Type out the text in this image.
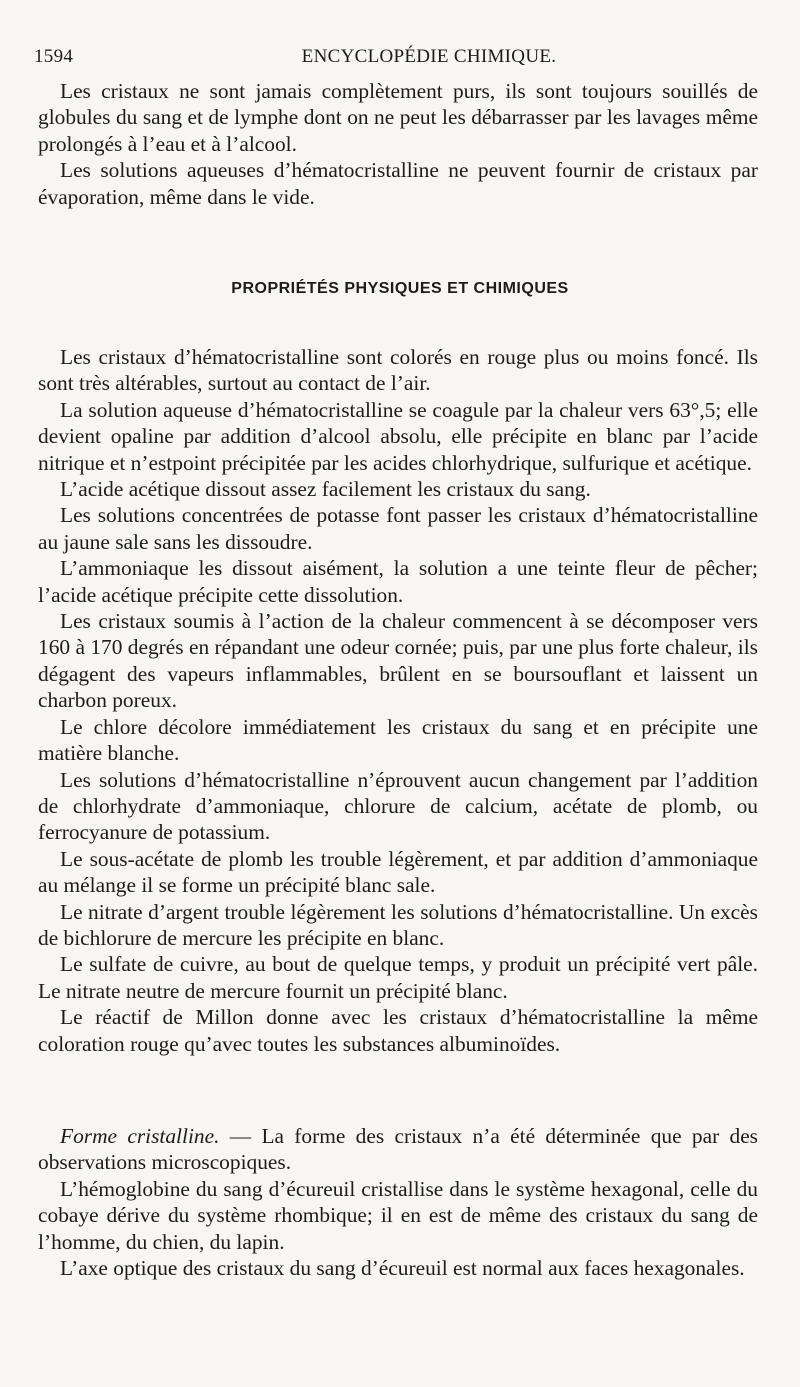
1594	ENCYCLOPÉDIE CHIMIQUE.

Les cristaux ne sont jamais complètement purs, ils sont toujours souillés de globules du sang et de lymphe dont on ne peut les débarrasser par les lavages même prolongés à l’eau et à l’alcool.

Les solutions aqueuses d’hématocristalline ne peuvent fournir de cristaux par évaporation, même dans le vide.

PROPRIÉTÉS PHYSIQUES ET CHIMIQUES

Les cristaux d’hématocristalline sont colorés en rouge plus ou moins foncé. Ils sont très altérables, surtout au contact de l’air.

La solution aqueuse d’hématocristalline se coagule par la chaleur vers 63°,5; elle devient opaline par addition d’alcool absolu, elle précipite en blanc par l’acide nitrique et n’estpoint précipitée par les acides chlorhydrique, sulfurique et acétique.

L’acide acétique dissout assez facilement les cristaux du sang.

Les solutions concentrées de potasse font passer les cristaux d’hématocristalline au jaune sale sans les dissoudre.

L’ammoniaque les dissout aisément, la solution a une teinte fleur de pêcher; l’acide acétique précipite cette dissolution.

Les cristaux soumis à l’action de la chaleur commencent à se décomposer vers 160 à 170 degrés en répandant une odeur cornée; puis, par une plus forte chaleur, ils dégagent des vapeurs inflammables, brûlent en se boursouflant et laissent un charbon poreux.

Le chlore décolore immédiatement les cristaux du sang et en précipite une matière blanche.

Les solutions d’hématocristalline n’éprouvent aucun changement par l’addition de chlorhydrate d’ammoniaque, chlorure de calcium, acétate de plomb, ou ferrocyanure de potassium.

Le sous-acétate de plomb les trouble légèrement, et par addition d’ammoniaque au mélange il se forme un précipité blanc sale.

Le nitrate d’argent trouble légèrement les solutions d’hématocristalline. Un excès de bichlorure de mercure les précipite en blanc.

Le sulfate de cuivre, au bout de quelque temps, y produit un précipité vert pâle. Le nitrate neutre de mercure fournit un précipité blanc.

Le réactif de Millon donne avec les cristaux d’hématocristalline la même coloration rouge qu’avec toutes les substances albuminoïdes.

Forme cristalline. — La forme des cristaux n’a été déterminée que par des observations microscopiques.

L’hémoglobine du sang d’écureuil cristallise dans le système hexagonal, celle du cobaye dérive du système rhombique; il en est de même des cristaux du sang de l’homme, du chien, du lapin.

L’axe optique des cristaux du sang d’écureuil est normal aux faces hexagonales.
